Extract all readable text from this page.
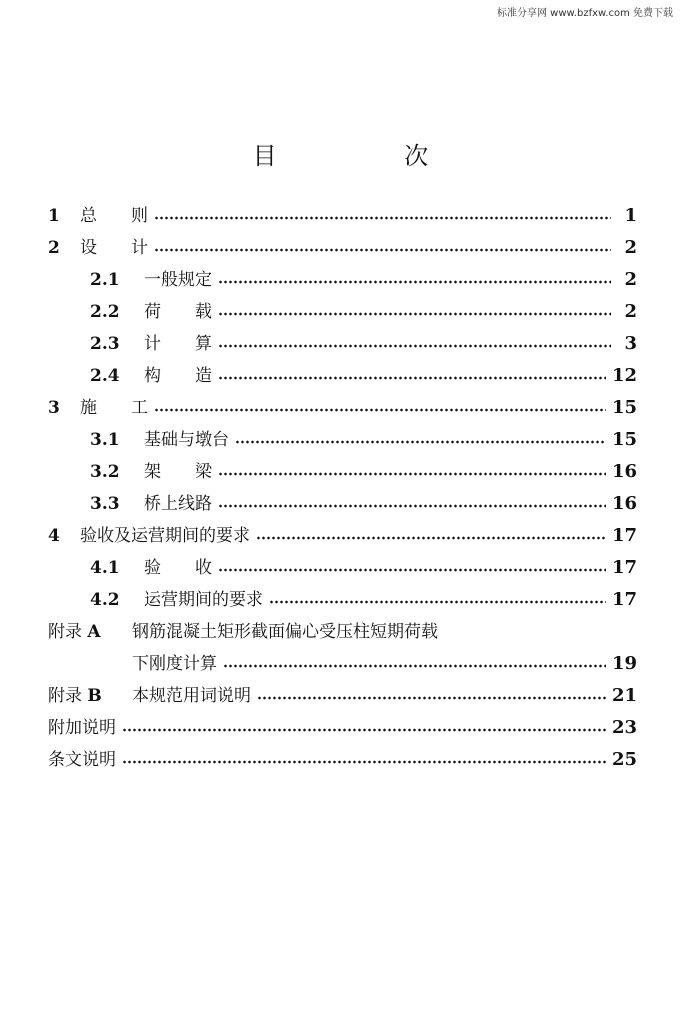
标准分享网 www.bzfxw.com 免费下载
目 次
1	总　　则	1
2	设　　计	2
2.1	一般规定	2
2.2	荷　　载	2
2.3	计　　算	3
2.4	构　　造	12
3	施　　工	15
3.1	基础与墩台	15
3.2	架　　梁	16
3.3	桥上线路	16
4	验收及运营期间的要求	17
4.1	验　　收	17
4.2	运营期间的要求	17
附录 A	钢筋混凝土矩形截面偏心受压柱短期荷载
下刚度计算	19
附录 B	本规范用词说明	21
附加说明	23
条文说明	25
